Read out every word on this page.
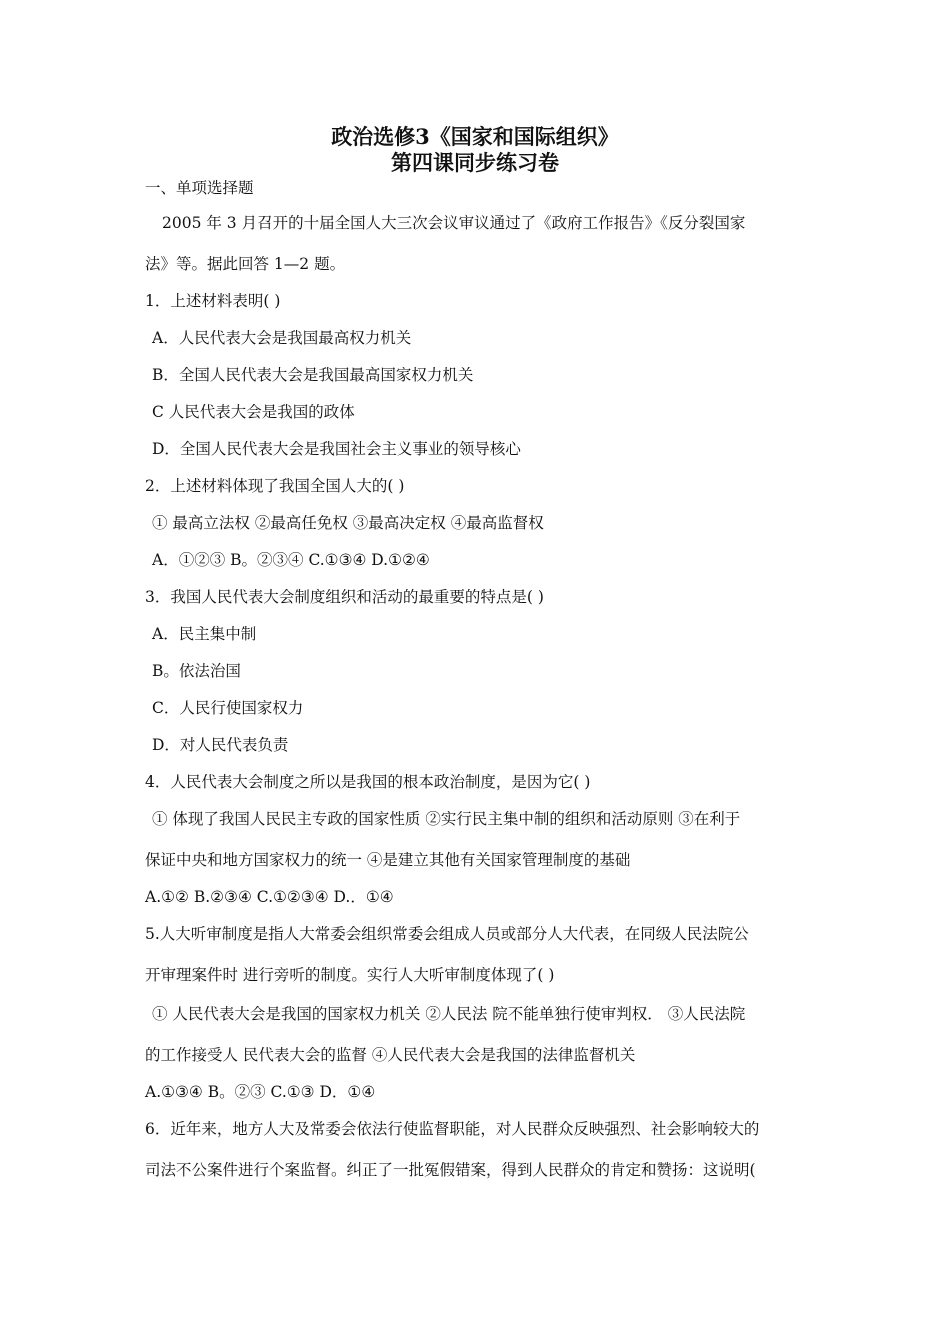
政治选修3《国家和国际组织》
第四课同步练习卷

一、单项选择题

2005 年 3 月召开的十届全国人大三次会议审议通过了《政府工作报告》《反分裂国家

法》等。据此回答 1—2 题。

1．上述材料表明( )

A．人民代表大会是我国最高权力机关

B．全国人民代表大会是我国最高国家权力机关

C 人民代表大会是我国的政体

D．全国人民代表大会是我国社会主义事业的领导核心

2．上述材料体现了我国全国人大的( )

① 最高立法权 ②最高任免权 ③最高决定权 ④最高监督权

A．①②③ B。②③④ C.①③④ D.①②④

3．我国人民代表大会制度组织和活动的最重要的特点是( )

A．民主集中制

B。依法治国

C．人民行使国家权力

D．对人民代表负责

4．人民代表大会制度之所以是我国的根本政治制度，是因为它( )

① 体现了我国人民民主专政的国家性质 ②实行民主集中制的组织和活动原则 ③在利于

保证中央和地方国家权力的统一 ④是建立其他有关国家管理制度的基础

A.①② B.②③④ C.①②③④ D.．①④

5.人大听审制度是指人大常委会组织常委会组成人员或部分人大代表，在同级人民法院公

开审理案件时 进行旁听的制度。实行人大听审制度体现了( )

① 人民代表大会是我国的国家权力机关 ②人民法 院不能单独行使审判权． ③人民法院

的工作接受人 民代表大会的监督 ④人民代表大会是我国的法律监督机关

A.①③④ B。②③ C.①③ D．①④

6．近年来，地方人大及常委会依法行使监督职能，对人民群众反映强烈、社会影响较大的

司法不公案件进行个案监督。纠正了一批冤假错案，得到人民群众的肯定和赞扬：这说明(
